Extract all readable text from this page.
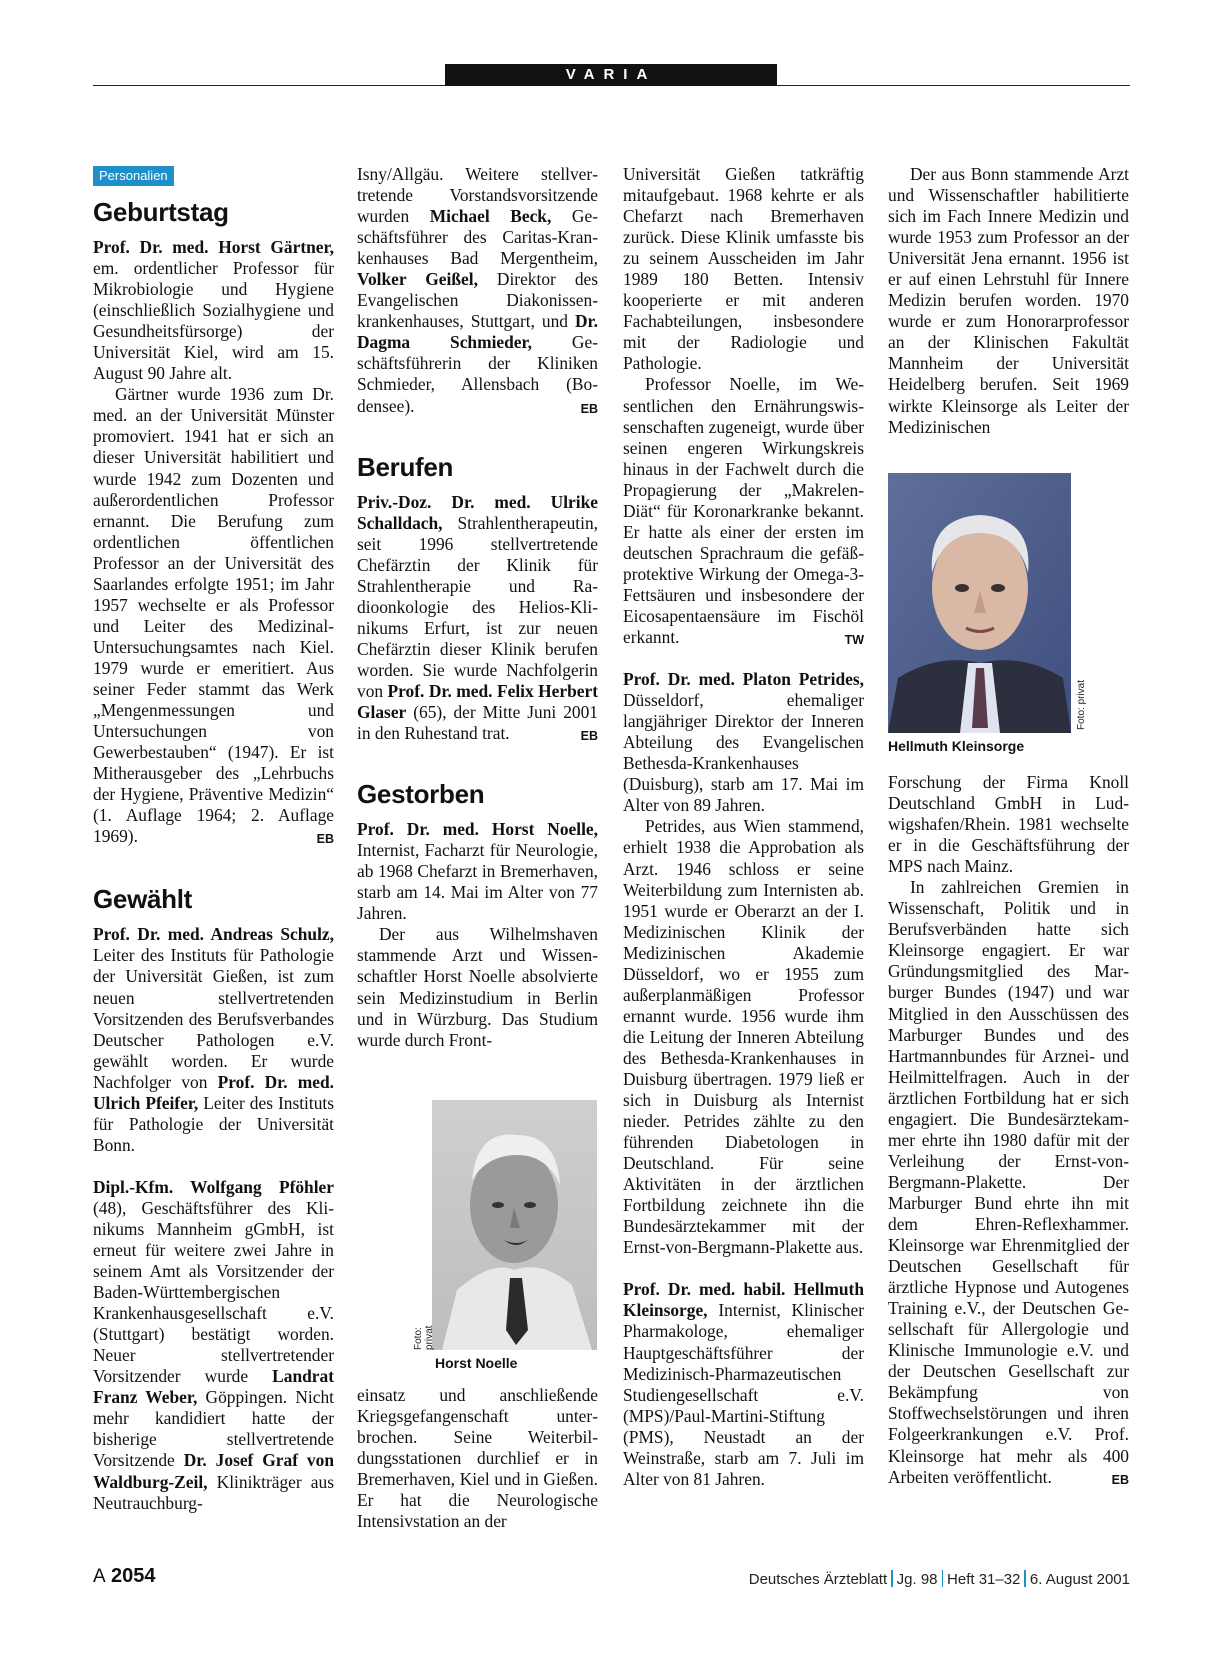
VARIA
Personalien
Geburtstag

Prof. Dr. med. Horst Gärtner, em. ordentlicher Professor für Mikrobiologie und Hygiene (einschließlich Sozialhygiene und Gesundheitsfürsorge) der Universität Kiel, wird am 15. August 90 Jahre alt.

Gärtner wurde 1936 zum Dr. med. an der Universität Münster promoviert. 1941 hat er sich an dieser Universität habilitiert und wurde 1942 zum Dozenten und außerordentlichen Professor ernannt. Die Berufung zum ordentlichen öffentlichen Professor an der Universität des Saarlandes erfolgte 1951; im Jahr 1957 wechselte er als Professor und Leiter des Medizinal-Untersuchungsamtes nach Kiel. 1979 wurde er emeritiert. Aus seiner Feder stammt das Werk „Mengenmessungen und Untersuchungen von Gewerbestauben“ (1947). Er ist Mitherausgeber des „Lehrbuchs der Hygiene, Präventive Medizin“ (1. Auflage 1964; 2. Auflage 1969).	EB

Gewählt

Prof. Dr. med. Andreas Schulz, Leiter des Instituts für Pathologie der Universität Gießen, ist zum neuen stellvertretenden Vorsitzenden des Berufsverbandes Deutscher Pathologen e.V. gewählt worden. Er wurde Nachfolger von Prof. Dr. med. Ulrich Pfeifer, Leiter des Instituts für Pathologie der Universität Bonn.

Dipl.-Kfm. Wolfgang Pföhler (48), Geschäftsführer des Klinikums Mannheim gGmbH, ist erneut für weitere zwei Jahre in seinem Amt als Vorsitzender der Baden-Württembergischen Krankenhausgesellschaft e.V. (Stuttgart) bestätigt worden. Neuer stellvertretender Vorsitzender wurde Landrat Franz Weber, Göppingen. Nicht mehr kandidiert hatte der bisherige stellvertretende Vorsitzende Dr. Josef Graf von Waldburg-Zeil, Klinikträger aus Neutrauchburg-

Isny/Allgäu. Weitere stellvertretende Vorstandsvorsitzende wurden Michael Beck, Geschäftsführer des Caritas-Krankenhauses Bad Mergentheim, Volker Geißel, Direktor des Evangelischen Diakonissenkrankenhauses, Stuttgart, und Dr. Dagma Schmieder, Geschäftsführerin der Kliniken Schmieder, Allensbach (Bodensee).	EB

Berufen

Priv.-Doz. Dr. med. Ulrike Schalldach, Strahlentherapeutin, seit 1996 stellvertretende Chefärztin der Klinik für Strahlentherapie und Radioonkologie des Helios-Klinikums Erfurt, ist zur neuen Chefärztin dieser Klinik berufen worden. Sie wurde Nachfolgerin von Prof. Dr. med. Felix Herbert Glaser (65), der Mitte Juni 2001 in den Ruhestand trat.	EB

Gestorben

Prof. Dr. med. Horst Noelle, Internist, Facharzt für Neurologie, ab 1968 Chefarzt in Bremerhaven, starb am 14. Mai im Alter von 77 Jahren.

Der aus Wilhelmshaven stammende Arzt und Wissenschaftler Horst Noelle absolvierte sein Medizinstudium in Berlin und in Würzburg. Das Studium wurde durch Front-

Foto: privat
Horst Noelle

einsatz und anschließende Kriegsgefangenschaft unterbrochen. Seine Weiterbildungsstationen durchlief er in Bremerhaven, Kiel und in Gießen. Er hat die Neurologische Intensivstation an der

Universität Gießen tatkräftig mitaufgebaut. 1968 kehrte er als Chefarzt nach Bremerhaven zurück. Diese Klinik umfasste bis zu seinem Ausscheiden im Jahr 1989 180 Betten. Intensiv kooperierte er mit anderen Fachabteilungen, insbesondere mit der Radiologie und Pathologie.

Professor Noelle, im Wesentlichen den Ernährungswissenschaften zugeneigt, wurde über seinen engeren Wirkungskreis hinaus in der Fachwelt durch die Propagierung der „Makrelen-Diät“ für Koronarkranke bekannt. Er hatte als einer der ersten im deutschen Sprachraum die gefäßprotektive Wirkung der Omega-3-Fettsäuren und insbesondere der Eicosapentaensäure im Fischöl erkannt.	TW

Prof. Dr. med. Platon Petrides, Düsseldorf, ehemaliger langjähriger Direktor der Inneren Abteilung des Evangelischen Bethesda-Krankenhauses (Duisburg), starb am 17. Mai im Alter von 89 Jahren.

Petrides, aus Wien stammend, erhielt 1938 die Approbation als Arzt. 1946 schloss er seine Weiterbildung zum Internisten ab. 1951 wurde er Oberarzt an der I. Medizinischen Klinik der Medizinischen Akademie Düsseldorf, wo er 1955 zum außerplanmäßigen Professor ernannt wurde. 1956 wurde ihm die Leitung der Inneren Abteilung des Bethesda-Krankenhauses in Duisburg übertragen. 1979 ließ er sich in Duisburg als Internist nieder. Petrides zählte zu den führenden Diabetologen in Deutschland. Für seine Aktivitäten in der ärztlichen Fortbildung zeichnete ihn die Bundesärztekammer mit der Ernst-von-Bergmann-Plakette aus.

Prof. Dr. med. habil. Hellmuth Kleinsorge, Internist, Klinischer Pharmakologe, ehemaliger Hauptgeschäftsführer der Medizinisch-Pharmazeutischen Studiengesellschaft e.V. (MPS)/Paul-Martini-Stiftung (PMS), Neustadt an der Weinstraße, starb am 7. Juli im Alter von 81 Jahren.

Der aus Bonn stammende Arzt und Wissenschaftler habilitierte sich im Fach Innere Medizin und wurde 1953 zum Professor an der Universität Jena ernannt. 1956 ist er auf einen Lehrstuhl für Innere Medizin berufen worden. 1970 wurde er zum Honorarprofessor an der Klinischen Fakultät Mannheim der Universität Heidelberg berufen. Seit 1969 wirkte Kleinsorge als Leiter der Medizinischen

Foto: privat
Hellmuth Kleinsorge

Forschung der Firma Knoll Deutschland GmbH in Ludwigshafen/Rhein. 1981 wechselte er in die Geschäftsführung der MPS nach Mainz.

In zahlreichen Gremien in Wissenschaft, Politik und in Berufsverbänden hatte sich Kleinsorge engagiert. Er war Gründungsmitglied des Marburger Bundes (1947) und war Mitglied in den Ausschüssen des Marburger Bundes und des Hartmannbundes für Arznei- und Heilmittelfragen. Auch in der ärztlichen Fortbildung hat er sich engagiert. Die Bundesärztekammer ehrte ihn 1980 dafür mit der Verleihung der Ernst-von-Bergmann-Plakette. Der Marburger Bund ehrte ihn mit dem Ehren-Reflexhammer. Kleinsorge war Ehrenmitglied der Deutschen Gesellschaft für ärztliche Hypnose und Autogenes Training e.V., der Deutschen Gesellschaft für Allergologie und Klinische Immunologie e.V. und der Deutschen Gesellschaft zur Bekämpfung von Stoffwechselstörungen und ihren Folgeerkrankungen e.V. Prof. Kleinsorge hat mehr als 400 Arbeiten veröffentlicht.	EB

A 2054	Deutsches Ärzteblatt Jg. 98 Heft 31–32 6. August 2001
